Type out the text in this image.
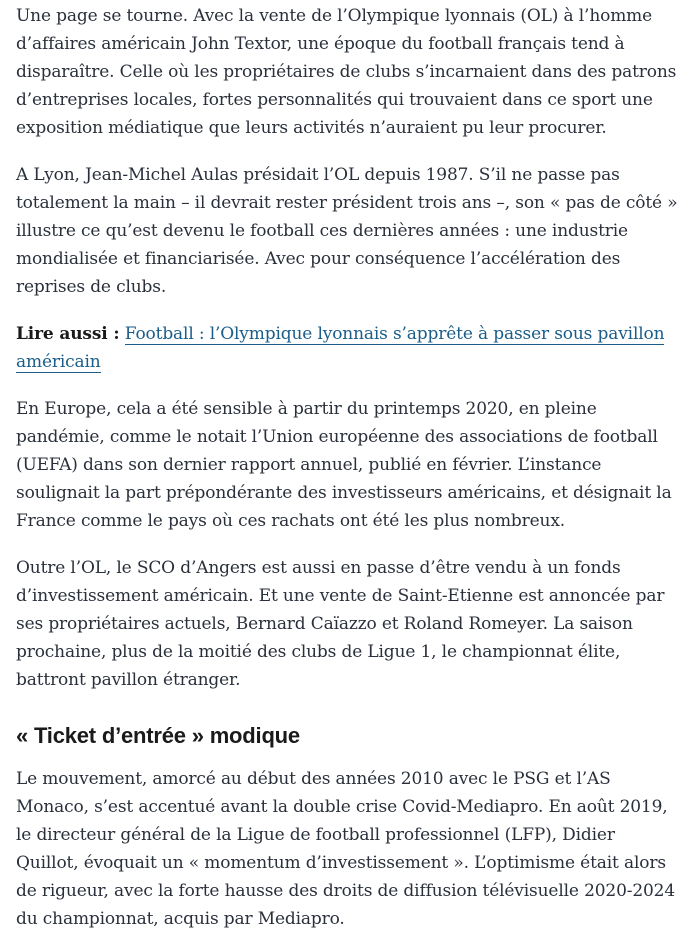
Une page se tourne. Avec la vente de l’Olympique lyonnais (OL) à l’homme d’affaires américain John Textor, une époque du football français tend à disparaître. Celle où les propriétaires de clubs s’incarnaient dans des patrons d’entreprises locales, fortes personnalités qui trouvaient dans ce sport une exposition médiatique que leurs activités n’auraient pu leur procurer.

A Lyon, Jean-Michel Aulas présidait l’OL depuis 1987. S’il ne passe pas totalement la main – il devrait rester président trois ans –, son « pas de côté » illustre ce qu’est devenu le football ces dernières années : une industrie mondialisée et financiarisée. Avec pour conséquence l’accélération des reprises de clubs.

Lire aussi : Football : l’Olympique lyonnais s’apprête à passer sous pavillon américain

En Europe, cela a été sensible à partir du printemps 2020, en pleine pandémie, comme le notait l’Union européenne des associations de football (UEFA) dans son dernier rapport annuel, publié en février. L’instance soulignait la part prépondérante des investisseurs américains, et désignait la France comme le pays où ces rachats ont été les plus nombreux.

Outre l’OL, le SCO d’Angers est aussi en passe d’être vendu à un fonds d’investissement américain. Et une vente de Saint-Etienne est annoncée par ses propriétaires actuels, Bernard Caïazzo et Roland Romeyer. La saison prochaine, plus de la moitié des clubs de Ligue 1, le championnat élite, battront pavillon étranger.

« Ticket d’entrée » modique

Le mouvement, amorcé au début des années 2010 avec le PSG et l’AS Monaco, s’est accentué avant la double crise Covid-Mediapro. En août 2019, le directeur général de la Ligue de football professionnel (LFP), Didier Quillot, évoquait un « momentum d’investissement ». L’optimisme était alors de rigueur, avec la forte hausse des droits de diffusion télévisuelle 2020-2024 du championnat, acquis par Mediapro.
